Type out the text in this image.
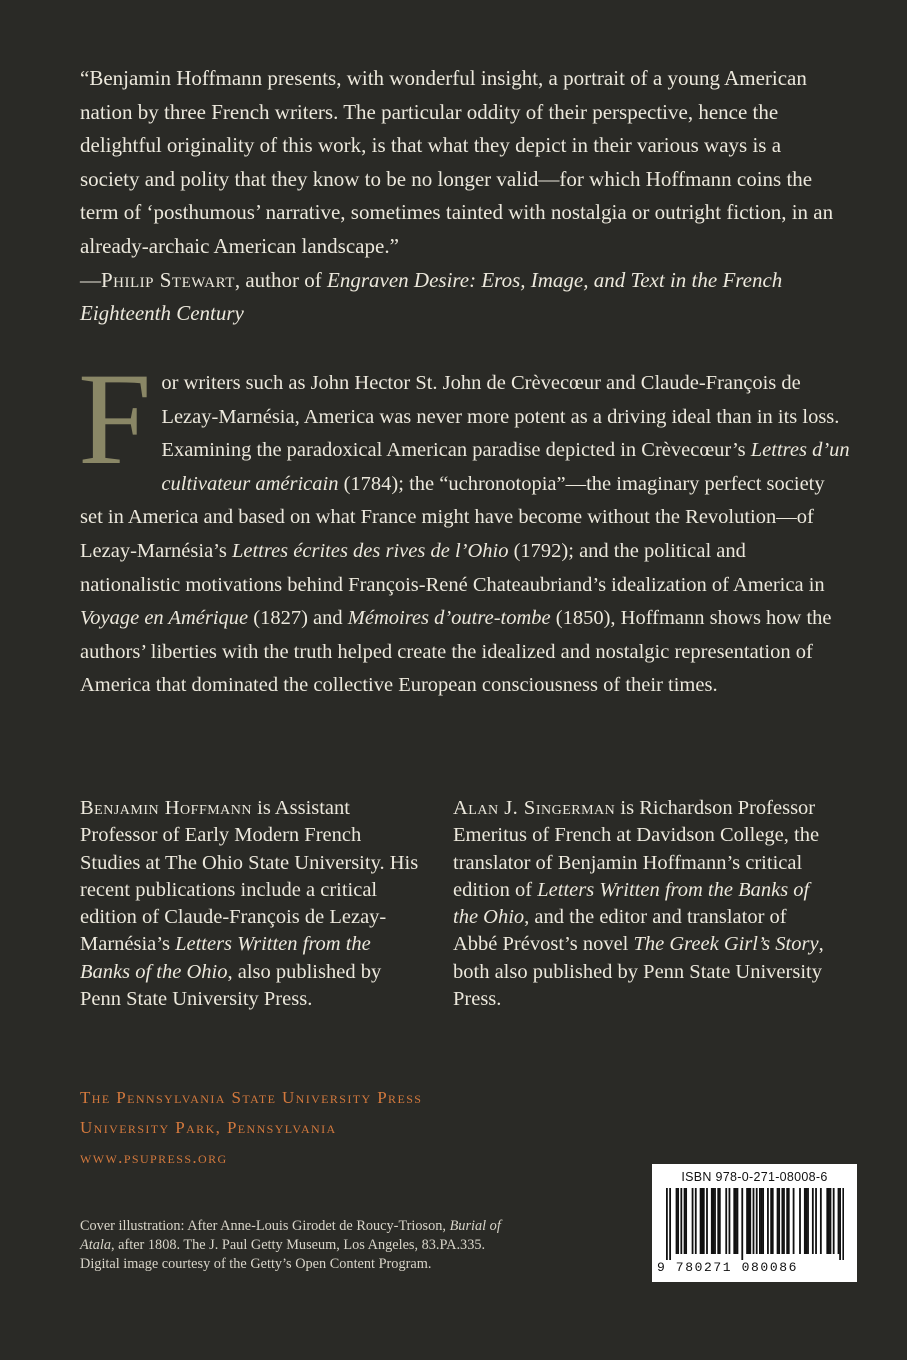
“Benjamin Hoffmann presents, with wonderful insight, a portrait of a young American nation by three French writers. The particular oddity of their perspective, hence the delightful originality of this work, is that what they depict in their various ways is a society and polity that they know to be no longer valid—for which Hoffmann coins the term of ‘posthumous’ narrative, sometimes tainted with nostalgia or outright fiction, in an already-archaic American landscape.”

—Philip Stewart, author of Engraven Desire: Eros, Image, and Text in the French Eighteenth Century

F or writers such as John Hector St. John de Crèvecœur and Claude-François de Lezay-Marnésia, America was never more potent as a driving ideal than in its loss. Examining the paradoxical American paradise depicted in Crèvecœur’s Lettres d’un cultivateur américain (1784); the “uchronotopia”—the imaginary perfect society set in America and based on what France might have become without the Revolution—of Lezay-Marnésia’s Lettres écrites des rives de l’Ohio (1792); and the political and nationalistic motivations behind François-René Chateaubriand’s idealization of America in Voyage en Amérique (1827) and Mémoires d’outre-tombe (1850), Hoffmann shows how the authors’ liberties with the truth helped create the idealized and nostalgic representation of America that dominated the collective European consciousness of their times.

Benjamin Hoffmann is Assistant Professor of Early Modern French Studies at The Ohio State University. His recent publications include a critical edition of Claude-François de Lezay-Marnésia’s Letters Written from the Banks of the Ohio, also published by Penn State University Press.

Alan J. Singerman is Richardson Professor Emeritus of French at Davidson College, the translator of Benjamin Hoffmann’s critical edition of Letters Written from the Banks of the Ohio, and the editor and translator of Abbé Prévost’s novel The Greek Girl’s Story, both also published by Penn State University Press.

The Pennsylvania State University Press
University Park, Pennsylvania
www.psupress.org

Cover illustration: After Anne-Louis Girodet de Roucy-Trioson, Burial of Atala, after 1808. The J. Paul Getty Museum, Los Angeles, 83.PA.335. Digital image courtesy of the Getty’s Open Content Program.

ISBN 978-0-271-08008-6
9 780271 080086
